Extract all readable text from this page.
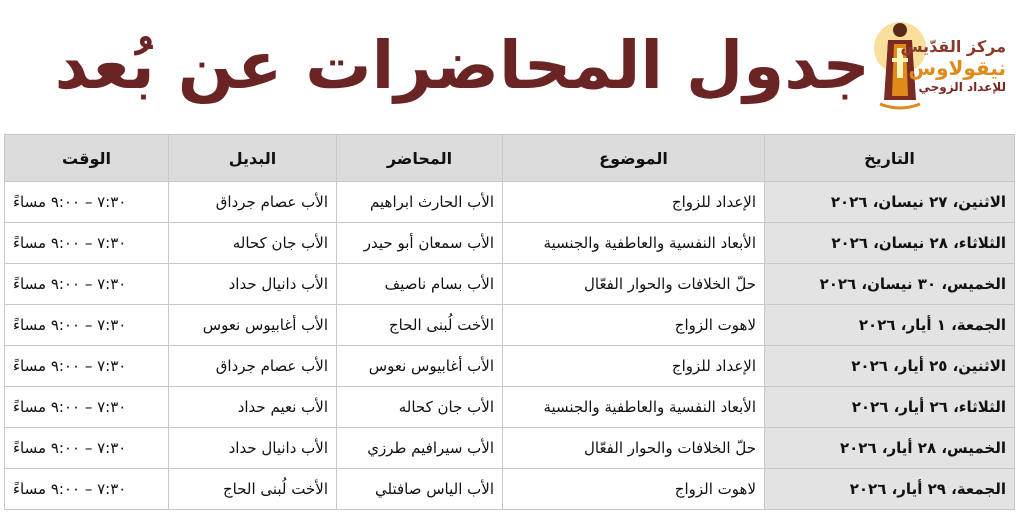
جدول المحاضرات عن بُعد مركز القدّيس
نيقولاوس
للإعداد الزوجي
التاريخ	الموضوع	المحاضر	البديل	الوقت
الاثنين، ٢٧ نيسان، ٢٠٢٦	الإعداد للزواج	الأب الحارث ابراهيم	الأب عصام جرداق	٧:٣٠ – ٩:٠٠ مساءً
الثلاثاء، ٢٨ نيسان، ٢٠٢٦	الأبعاد النفسية والعاطفية والجنسية	الأب سمعان أبو حيدر	الأب جان كحاله	٧:٣٠ – ٩:٠٠ مساءً
الخميس، ٣٠ نيسان، ٢٠٢٦	حلّ الخلافات والحوار الفعّال	الأب بسام ناصيف	الأب دانيال حداد	٧:٣٠ – ٩:٠٠ مساءً
الجمعة، ١ أيار، ٢٠٢٦	لاهوت الزواج	الأخت لُبنى الحاج	الأب أغابيوس نعوس	٧:٣٠ – ٩:٠٠ مساءً
الاثنين، ٢٥ أيار، ٢٠٢٦	الإعداد للزواج	الأب أغابيوس نعوس	الأب عصام جرداق	٧:٣٠ – ٩:٠٠ مساءً
الثلاثاء، ٢٦ أيار، ٢٠٢٦	الأبعاد النفسية والعاطفية والجنسية	الأب جان كحاله	الأب نعيم حداد	٧:٣٠ – ٩:٠٠ مساءً
الخميس، ٢٨ أيار، ٢٠٢٦	حلّ الخلافات والحوار الفعّال	الأب سيرافيم طرزي	الأب دانيال حداد	٧:٣٠ – ٩:٠٠ مساءً
الجمعة، ٢٩ أيار، ٢٠٢٦	لاهوت الزواج	الأب الياس صافتلي	الأخت لُبنى الحاج	٧:٣٠ – ٩:٠٠ مساءً
